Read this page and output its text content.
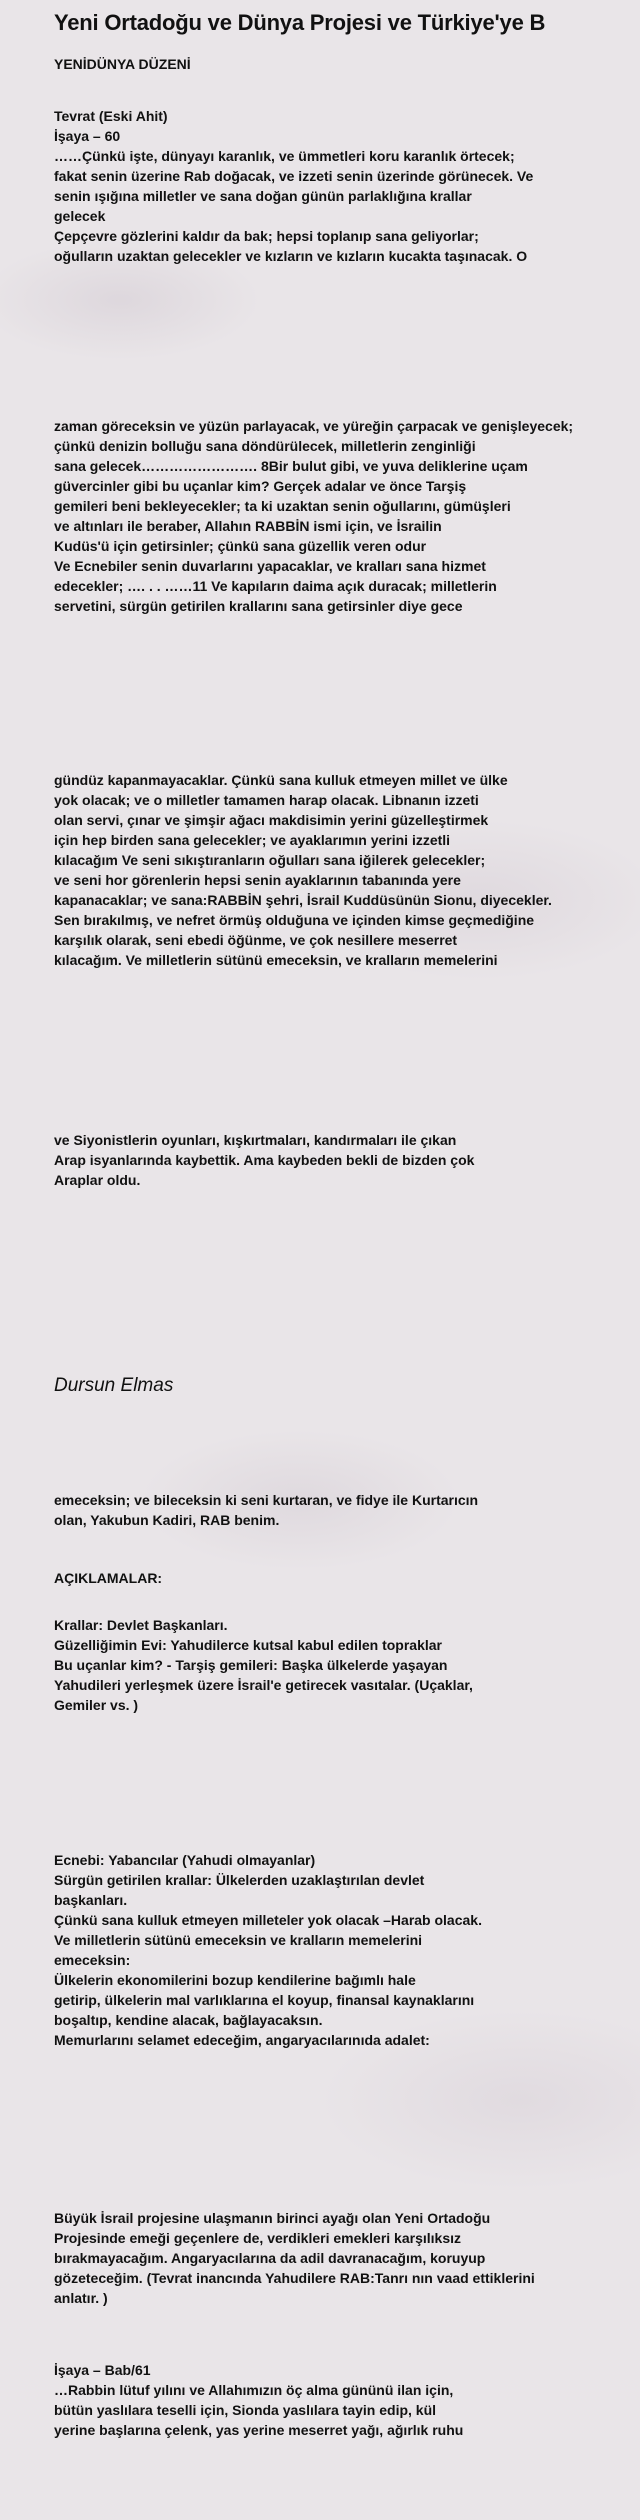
Yeni Ortadoğu ve Dünya Projesi ve Türkiye'ye B
YENİDÜNYA DÜZENİ
Tevrat (Eski Ahit)
İşaya – 60
……Çünkü işte, dünyayı karanlık, ve ümmetleri koru karanlık örtecek;
fakat senin üzerine Rab doğacak, ve izzeti senin üzerinde görünecek. Ve
senin ışığına milletler ve sana doğan günün parlaklığına krallar
gelecek
Çepçevre gözlerini kaldır da bak; hepsi toplanıp sana geliyorlar;
oğulların uzaktan gelecekler ve kızların ve kızların kucakta taşınacak. O
zaman göreceksin ve yüzün parlayacak, ve yüreğin çarpacak ve genişleyecek;
çünkü denizin bolluğu sana döndürülecek, milletlerin zenginliği
sana gelecek……………………. 8Bir bulut gibi, ve yuva deliklerine uçam
güvercinler gibi bu uçanlar kim? Gerçek adalar ve önce Tarşiş
gemileri beni bekleyecekler; ta ki uzaktan senin oğullarını, gümüşleri
ve altınları ile beraber, Allahın RABBİN ismi için, ve İsrailin
Kudüs'ü için getirsinler; çünkü sana güzellik veren odur
Ve Ecnebiler senin duvarlarını yapacaklar, ve kralları sana hizmet
edecekler; …. . . ……11 Ve kapıların daima açık duracak; milletlerin
servetini, sürgün getirilen krallarını sana getirsinler diye gece
gündüz kapanmayacaklar. Çünkü sana kulluk etmeyen millet ve ülke
yok olacak; ve o milletler tamamen harap olacak. Libnanın izzeti
olan servi, çınar ve şimşir ağacı makdisimin yerini güzelleştirmek
için hep birden sana gelecekler; ve ayaklarımın yerini izzetli
kılacağım Ve seni sıkıştıranların oğulları sana iğilerek gelecekler;
ve seni hor görenlerin hepsi senin ayaklarının tabanında yere
kapanacaklar; ve sana:RABBİN şehri, İsrail Kuddüsünün Sionu, diyecekler.
Sen bırakılmış, ve nefret örmüş olduğuna ve içinden kimse geçmediğine
karşılık olarak, seni ebedi öğünme, ve çok nesillere meserret
kılacağım. Ve milletlerin sütünü emeceksin, ve kralların memelerini
ve Siyonistlerin oyunları, kışkırtmaları, kandırmaları ile çıkan
Arap isyanlarında kaybettik. Ama kaybeden bekli de bizden çok
Araplar oldu.
Dursun Elmas
emeceksin; ve bileceksin ki seni kurtaran, ve fidye ile Kurtarıcın
olan, Yakubun Kadiri, RAB benim.
AÇIKLAMALAR:
Krallar: Devlet Başkanları.
Güzelliğimin Evi: Yahudilerce kutsal kabul edilen topraklar
Bu uçanlar kim? - Tarşiş gemileri: Başka ülkelerde yaşayan
Yahudileri yerleşmek üzere İsrail'e getirecek vasıtalar. (Uçaklar,
Gemiler vs. )
Ecnebi: Yabancılar (Yahudi olmayanlar)
Sürgün getirilen krallar: Ülkelerden uzaklaştırılan devlet
başkanları.
Çünkü sana kulluk etmeyen milleteler yok olacak –Harab olacak.
Ve milletlerin sütünü emeceksin ve kralların memelerini
emeceksin:
Ülkelerin ekonomilerini bozup kendilerine bağımlı hale
getirip, ülkelerin mal varlıklarına el koyup, finansal kaynaklarını
boşaltıp, kendine alacak, bağlayacaksın.
Memurlarını selamet edeceğim, angaryacılarınıda adalet:
Büyük İsrail projesine ulaşmanın birinci ayağı olan Yeni Ortadoğu
Projesinde emeği geçenlere de, verdikleri emekleri karşılıksız
bırakmayacağım. Angaryacılarına da adil davranacağım, koruyup
gözeteceğim. (Tevrat inancında Yahudilere RAB:Tanrı nın vaad ettiklerini
anlatır. )
İşaya – Bab/61
…Rabbin lütuf yılını ve Allahımızın öç alma gününü ilan için,
bütün yaslılara teselli için, Sionda yaslılara tayin edip, kül
yerine başlarına çelenk, yas yerine meserret yağı, ağırlık ruhu
